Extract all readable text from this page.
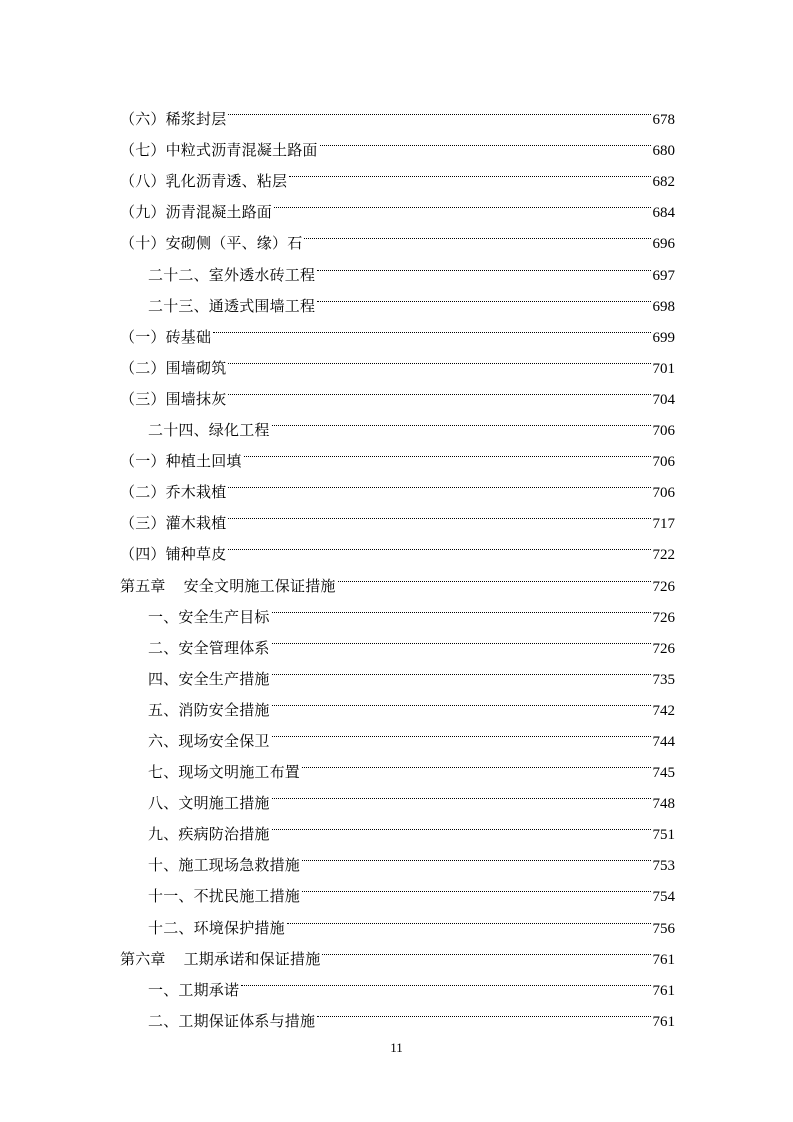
（六）稀浆封层	678
（七）中粒式沥青混凝土路面	680
（八）乳化沥青透、粘层	682
（九）沥青混凝土路面	684
（十）安砌侧（平、缘）石	696
二十二、室外透水砖工程	697
二十三、通透式围墙工程	698
（一）砖基础	699
（二）围墙砌筑	701
（三）围墙抹灰	704
二十四、绿化工程	706
（一）种植土回填	706
（二）乔木栽植	706
（三）灌木栽植	717
（四）铺种草皮	722
第五章 安全文明施工保证措施	726
一、安全生产目标	726
二、安全管理体系	726
四、安全生产措施	735
五、消防安全措施	742
六、现场安全保卫	744
七、现场文明施工布置	745
八、文明施工措施	748
九、疾病防治措施	751
十、施工现场急救措施	753
十一、不扰民施工措施	754
十二、环境保护措施	756
第六章 工期承诺和保证措施	761
一、工期承诺	761
二、工期保证体系与措施	761
11
